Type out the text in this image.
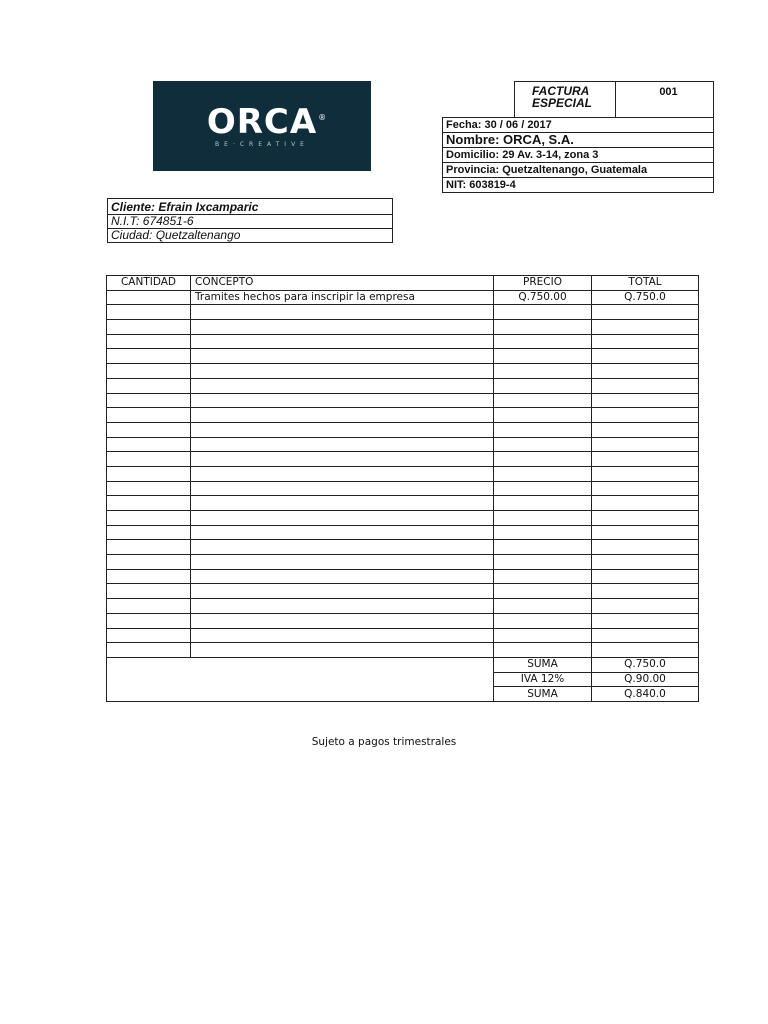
ORCA ®
BE·CREATIVE
FACTURA ESPECIAL
001
Fecha: 30 / 06 / 2017
Nombre: ORCA, S.A.
Domicilio: 29 Av. 3-14, zona 3
Provincia: Quetzaltenango, Guatemala
NIT: 603819-4
Cliente: Efrain Ixcamparic
N.I.T: 674851-6
Ciudad: Quetzaltenango
CANTIDAD	CONCEPTO	PRECIO	TOTAL
	Tramites hechos para inscripir la empresa	Q.750.00	Q.750.0

		SUMA	Q.750.0
		IVA 12%	Q.90.00
		SUMA	Q.840.0
Sujeto a pagos trimestrales
